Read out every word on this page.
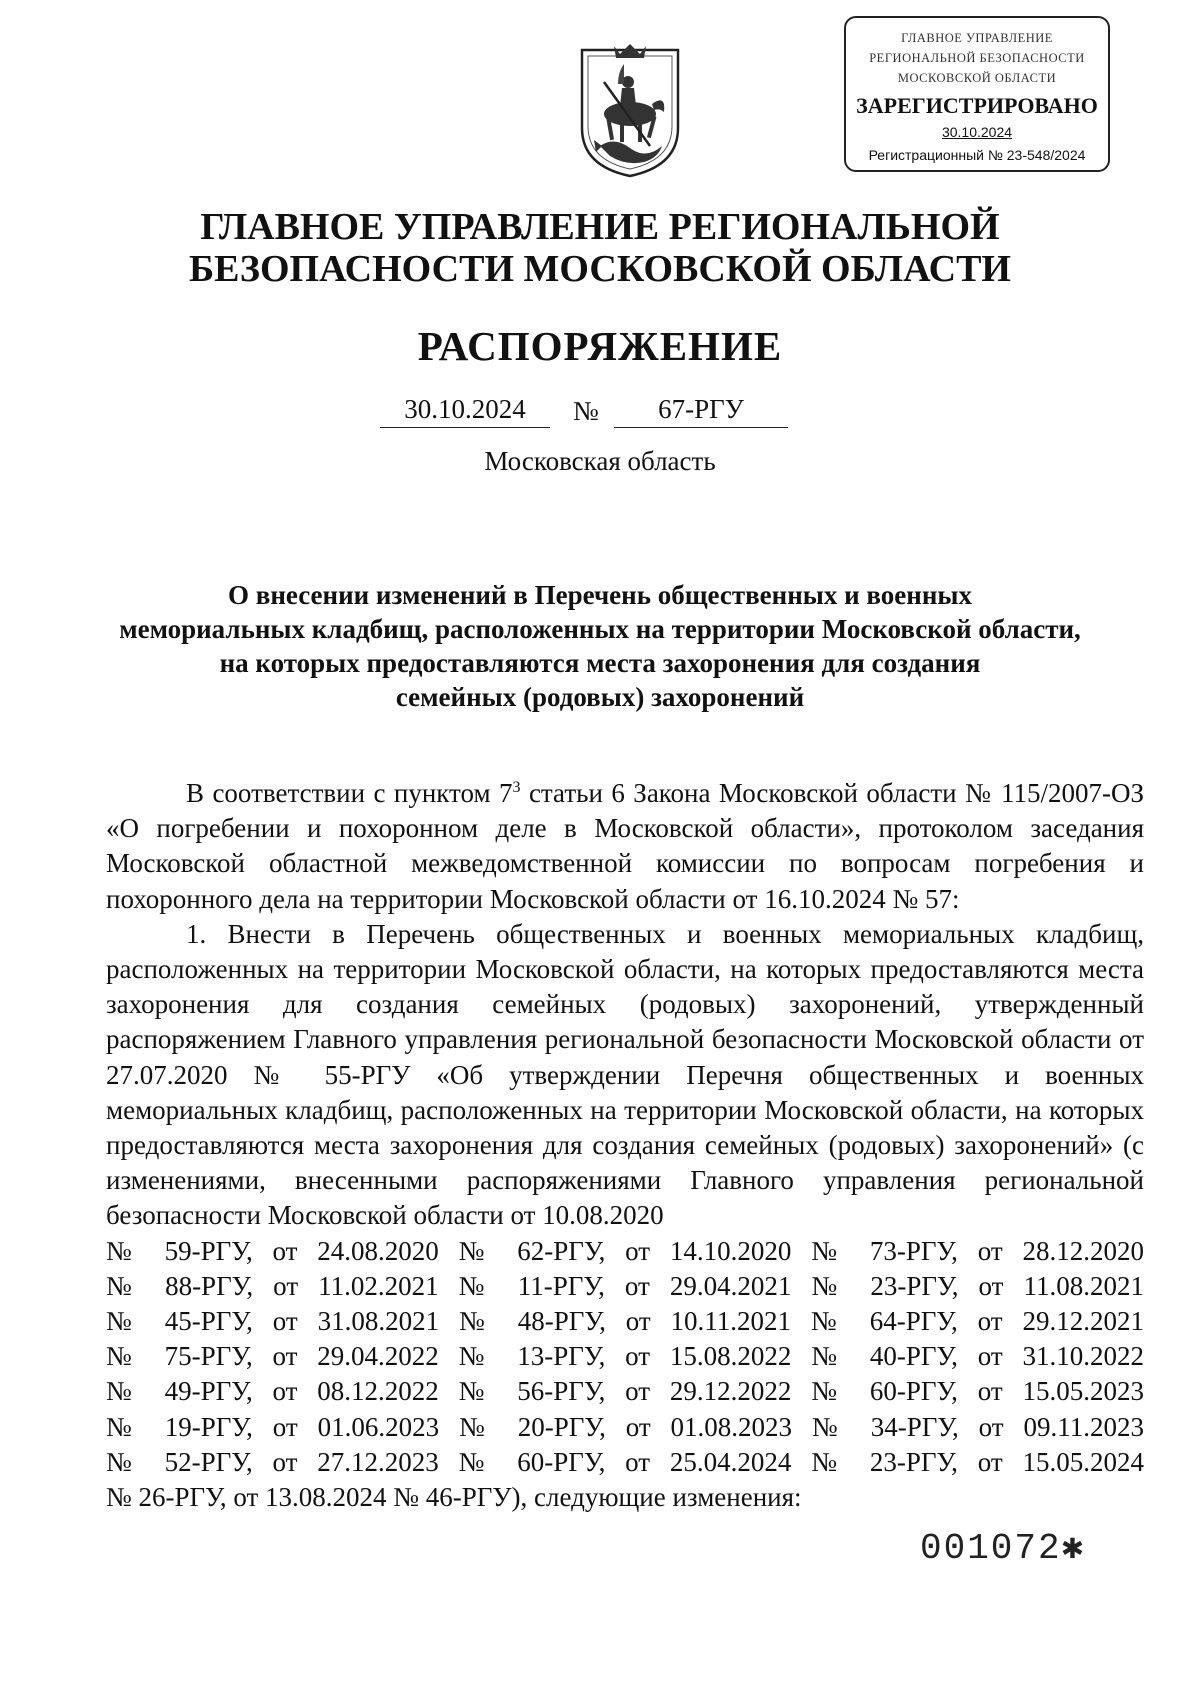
ГЛАВНОЕ УПРАВЛЕНИЕ
РЕГИОНАЛЬНОЙ БЕЗОПАСНОСТИ
МОСКОВСКОЙ ОБЛАСТИ
ЗАРЕГИСТРИРОВАНО
30.10.2024
Регистрационный № 23-548/2024
ГЛАВНОЕ УПРАВЛЕНИЕ РЕГИОНАЛЬНОЙ
БЕЗОПАСНОСТИ МОСКОВСКОЙ ОБЛАСТИ
РАСПОРЯЖЕНИЕ
30.10.2024	№	67-РГУ
Московская область
О внесении изменений в Перечень общественных и военных
мемориальных кладбищ, расположенных на территории Московской области,
на которых предоставляются места захоронения для создания
семейных (родовых) захоронений

В соответствии с пунктом $7^3$ статьи 6 Закона Московской области № 115/2007-ОЗ «О погребении и похоронном деле в Московской области», протоколом заседания Московской областной межведомственной комиссии по вопросам погребения и похоронного дела на территории Московской области от 16.10.2024 № 57:

1. Внести в Перечень общественных и военных мемориальных кладбищ, расположенных на территории Московской области, на которых предоставляются места захоронения для создания семейных (родовых) захоронений, утвержденный распоряжением Главного управления региональной безопасности Московской области от 27.07.2020 № 55-РГУ «Об утверждении Перечня общественных и военных мемориальных кладбищ, расположенных на территории Московской области, на которых предоставляются места захоронения для создания семейных (родовых) захоронений» (с изменениями, внесенными распоряжениями Главного управления региональной безопасности Московской области от 10.08.2020

№ 59-РГУ, от 24.08.2020 № 62-РГУ, от 14.10.2020 № 73-РГУ, от 28.12.2020
№ 88-РГУ, от 11.02.2021 № 11-РГУ, от 29.04.2021 № 23-РГУ, от 11.08.2021
№ 45-РГУ, от 31.08.2021 № 48-РГУ, от 10.11.2021 № 64-РГУ, от 29.12.2021
№ 75-РГУ, от 29.04.2022 № 13-РГУ, от 15.08.2022 № 40-РГУ, от 31.10.2022
№ 49-РГУ, от 08.12.2022 № 56-РГУ, от 29.12.2022 № 60-РГУ, от 15.05.2023
№ 19-РГУ, от 01.06.2023 № 20-РГУ, от 01.08.2023 № 34-РГУ, от 09.11.2023
№ 52-РГУ, от 27.12.2023 № 60-РГУ, от 25.04.2024 № 23-РГУ, от 15.05.2024
№ 26-РГУ, от 13.08.2024 № 46-РГУ), следующие изменения:
001072✱
